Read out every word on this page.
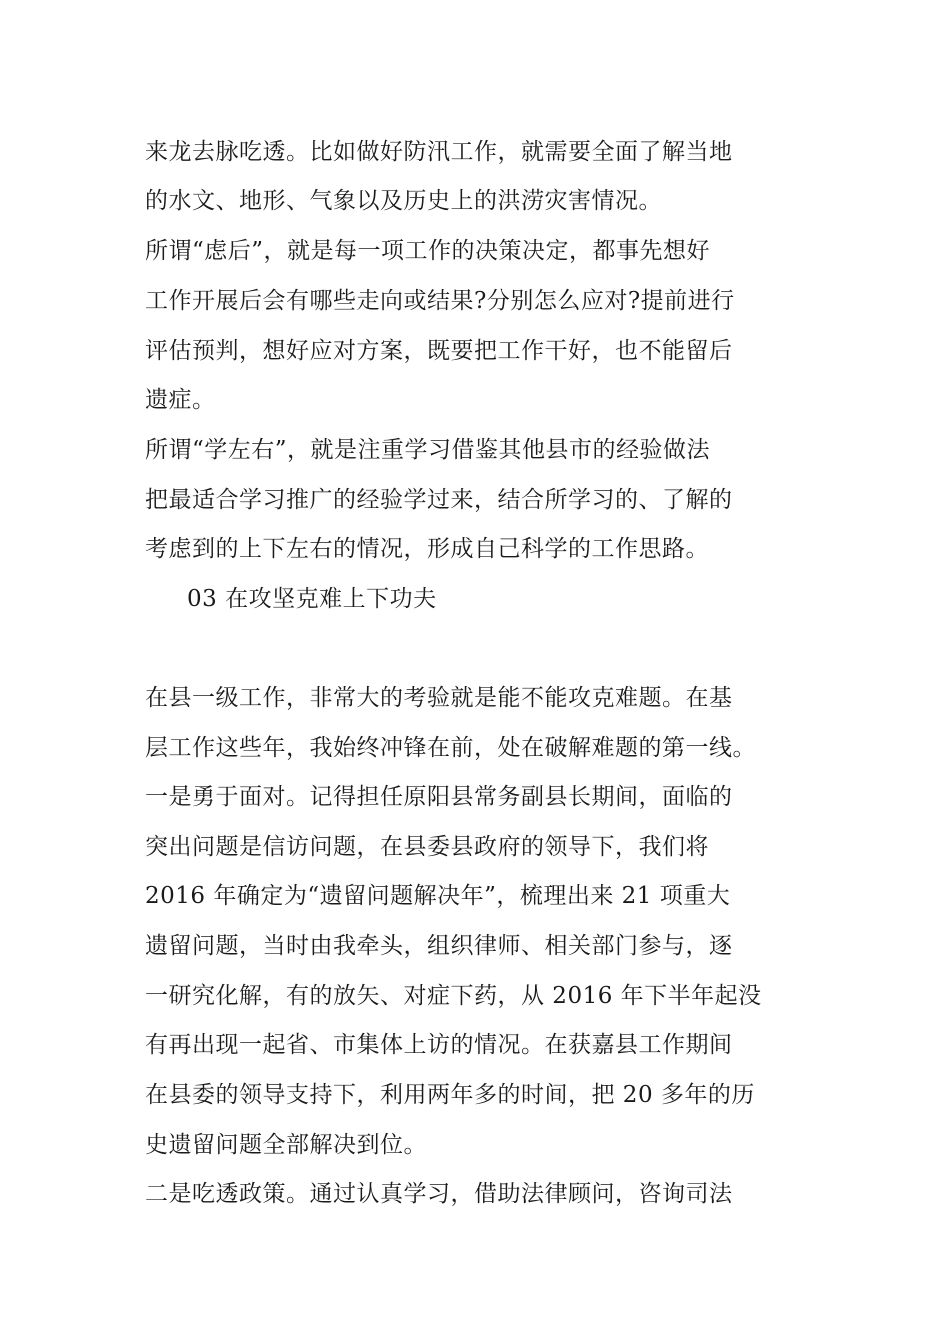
来龙去脉吃透。比如做好防汛工作，就需要全面了解当地
的水文、地形、气象以及历史上的洪涝灾害情况。
所谓“虑后”，就是每一项工作的决策决定，都事先想好
工作开展后会有哪些走向或结果?分别怎么应对?提前进行
评估预判，想好应对方案，既要把工作干好，也不能留后
遗症。
所谓“学左右”，就是注重学习借鉴其他县市的经验做法
把最适合学习推广的经验学过来，结合所学习的、了解的
考虑到的上下左右的情况，形成自己科学的工作思路。
03 在攻坚克难上下功夫
在县一级工作，非常大的考验就是能不能攻克难题。在基
层工作这些年，我始终冲锋在前，处在破解难题的第一线。
一是勇于面对。记得担任原阳县常务副县长期间，面临的
突出问题是信访问题，在县委县政府的领导下，我们将
2016 年确定为“遗留问题解决年”，梳理出来 21 项重大
遗留问题，当时由我牵头，组织律师、相关部门参与，逐
一研究化解，有的放矢、对症下药，从 2016 年下半年起没
有再出现一起省、市集体上访的情况。在获嘉县工作期间
在县委的领导支持下，利用两年多的时间，把 20 多年的历
史遗留问题全部解决到位。
二是吃透政策。通过认真学习，借助法律顾问，咨询司法
